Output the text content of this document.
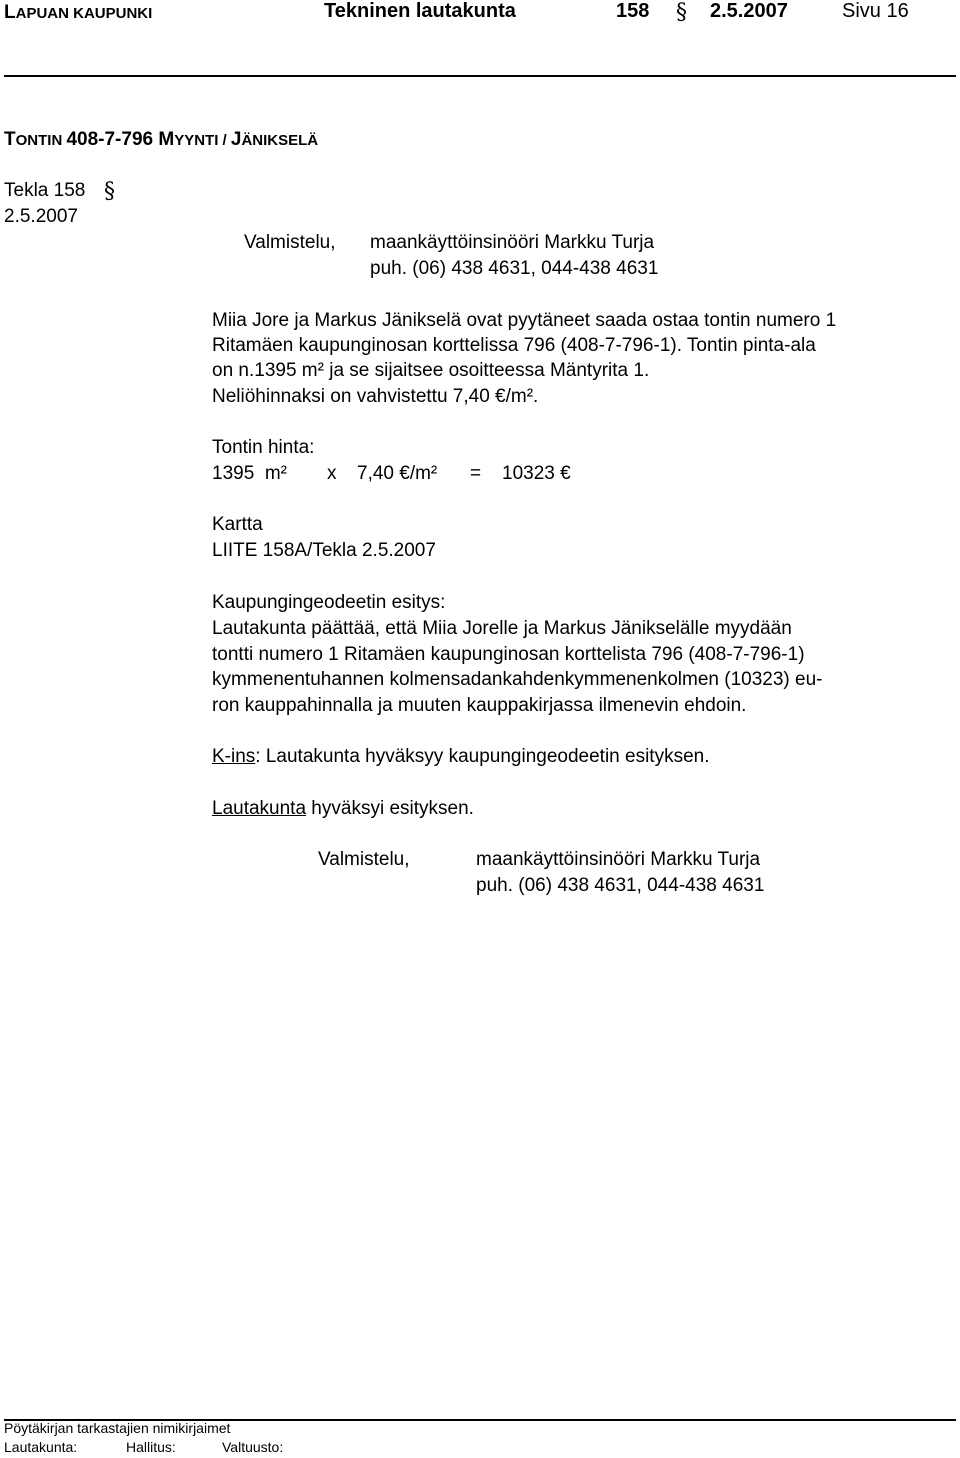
LAPUAN KAUPUNKI	Tekninen lautakunta	158 § 2.5.2007	Sivu 16
TONTIN 408-7-796 MYYNTI / JÄNIKSELÄ
Tekla 158 §
2.5.2007
Valmistelu, maankäyttöinsinööri Markku Turja
puh. (06) 438 4631, 044-438 4631
Miia Jore ja Markus Jänikselä ovat pyytäneet saada ostaa tontin numero 1
Ritamäen kaupunginosan korttelissa 796 (408-7-796-1). Tontin pinta-ala
on n.1395 m² ja se sijaitsee osoitteessa Mäntyrita 1.
Neliöhinnaksi on vahvistettu 7,40 €/m².
Tontin hinta:
1395  m² x 7,40 €/m² = 10323 €
Kartta
LIITE 158A/Tekla 2.5.2007
Kaupungingeodeetin esitys:
Lautakunta päättää, että Miia Jorelle ja Markus Jänikselälle myydään
tontti numero 1 Ritamäen kaupunginosan korttelista 796 (408-7-796-1)
kymmenentuhannen kolmensadankahdenkymmenenkolmen (10323) eu-
ron kauppahinnalla ja muuten kauppakirjassa ilmenevin ehdoin.
K-ins: Lautakunta hyväksyy kaupungingeodeetin esityksen.
Lautakunta hyväksyi esityksen.
Valmistelu,	maankäyttöinsinööri Markku Turja
puh. (06) 438 4631, 044-438 4631
Pöytäkirjan tarkastajien nimikirjaimet
Lautakunta:	Hallitus:	Valtuusto:
